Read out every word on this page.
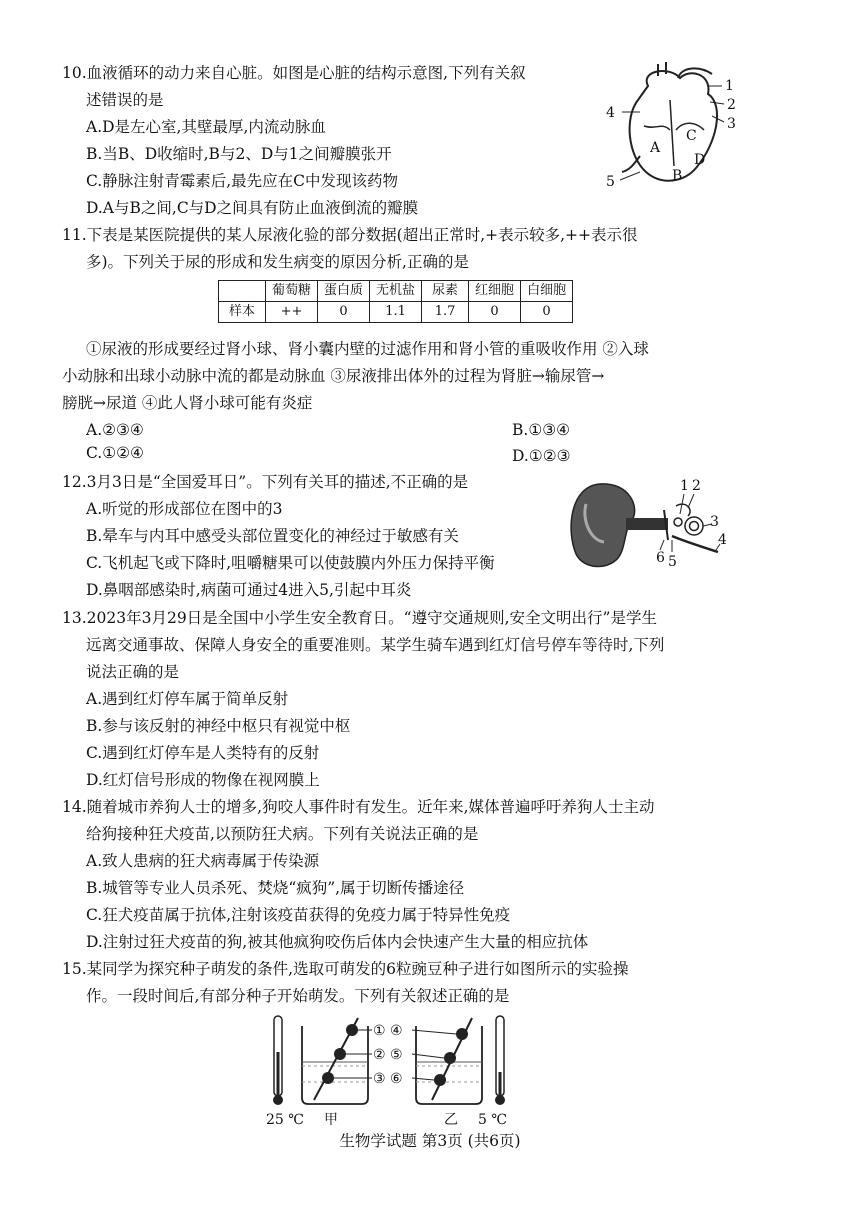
10.血液循环的动力来自心脏。如图是心脏的结构示意图,下列有关叙
述错误的是
A.D是左心室,其壁最厚,内流动脉血
B.当B、D收缩时,B与2、D与1之间瓣膜张开
C.静脉注射青霉素后,最先应在C中发现该药物
D.A与B之间,C与D之间具有防止血液倒流的瓣膜
1
2
3
4
5
A
B
C
D
11.下表是某医院提供的某人尿液化验的部分数据(超出正常时,+表示较多,++表示很
多)。下列关于尿的形成和发生病变的原因分析,正确的是
	葡萄糖	蛋白质	无机盐	尿素	红细胞	白细胞
样本	++	0	1.1	1.7	0	0
①尿液的形成要经过肾小球、肾小囊内壁的过滤作用和肾小管的重吸收作用 ②入球
小动脉和出球小动脉中流的都是动脉血 ③尿液排出体外的过程为肾脏→输尿管→
膀胱→尿道 ④此人肾小球可能有炎症
A.②③④	B.①③④
C.①②④	D.①②③
12.3月3日是“全国爱耳日”。下列有关耳的描述,不正确的是
A.听觉的形成部位在图中的3
B.晕车与内耳中感受头部位置变化的神经过于敏感有关
C.飞机起飞或下降时,咀嚼糖果可以使鼓膜内外压力保持平衡
D.鼻咽部感染时,病菌可通过4进入5,引起中耳炎
1 2
3
4
5
6
13.2023年3月29日是全国中小学生安全教育日。“遵守交通规则,安全文明出行”是学生
远离交通事故、保障人身安全的重要准则。某学生骑车遇到红灯信号停车等待时,下列
说法正确的是
A.遇到红灯停车属于简单反射
B.参与该反射的神经中枢只有视觉中枢
C.遇到红灯停车是人类特有的反射
D.红灯信号形成的物像在视网膜上
14.随着城市养狗人士的增多,狗咬人事件时有发生。近年来,媒体普遍呼吁养狗人士主动
给狗接种狂犬疫苗,以预防狂犬病。下列有关说法正确的是
A.致人患病的狂犬病毒属于传染源
B.城管等专业人员杀死、焚烧“疯狗”,属于切断传播途径
C.狂犬疫苗属于抗体,注射该疫苗获得的免疫力属于特异性免疫
D.注射过狂犬疫苗的狗,被其他疯狗咬伤后体内会快速产生大量的相应抗体
15.某同学为探究种子萌发的条件,选取可萌发的6粒豌豆种子进行如图所示的实验操
作。一段时间后,有部分种子开始萌发。下列有关叙述正确的是
① ④
② ⑤
③ ⑥
25 ℃ 甲	乙 5 ℃
生物学试题 第3页 (共6页)
